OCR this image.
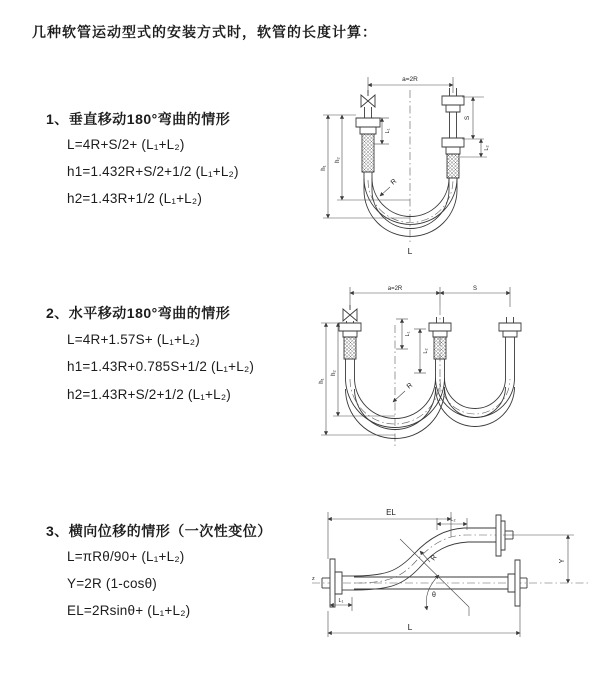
几种软管运动型式的安装方式时，软管的长度计算：
1、垂直移动180°弯曲的情形
L=4R+S/2+ (L₁+L₂)
h1=1.432R+S/2+1/2 (L₁+L₂)
h2=1.43R+1/2 (L₁+L₂)
2、水平移动180°弯曲的情形
L=4R+1.57S+ (L₁+L₂)
h1=1.43R+0.785S+1/2 (L₁+L₂)
h2=1.43R+S/2+1/2 (L₁+L₂)
3、横向位移的情形（一次性变位）
L=πRθ/90+ (L₁+L₂)
Y=2R (1-cosθ)
EL=2Rsinθ+ (L₁+L₂)
a=2R
R
L
h₁
h₂
L₁
S
L₂
a=2R	S
R
h₁
h₂
L₁
L₂
z
EL
L₂
Y
R
θ
L₁
L
